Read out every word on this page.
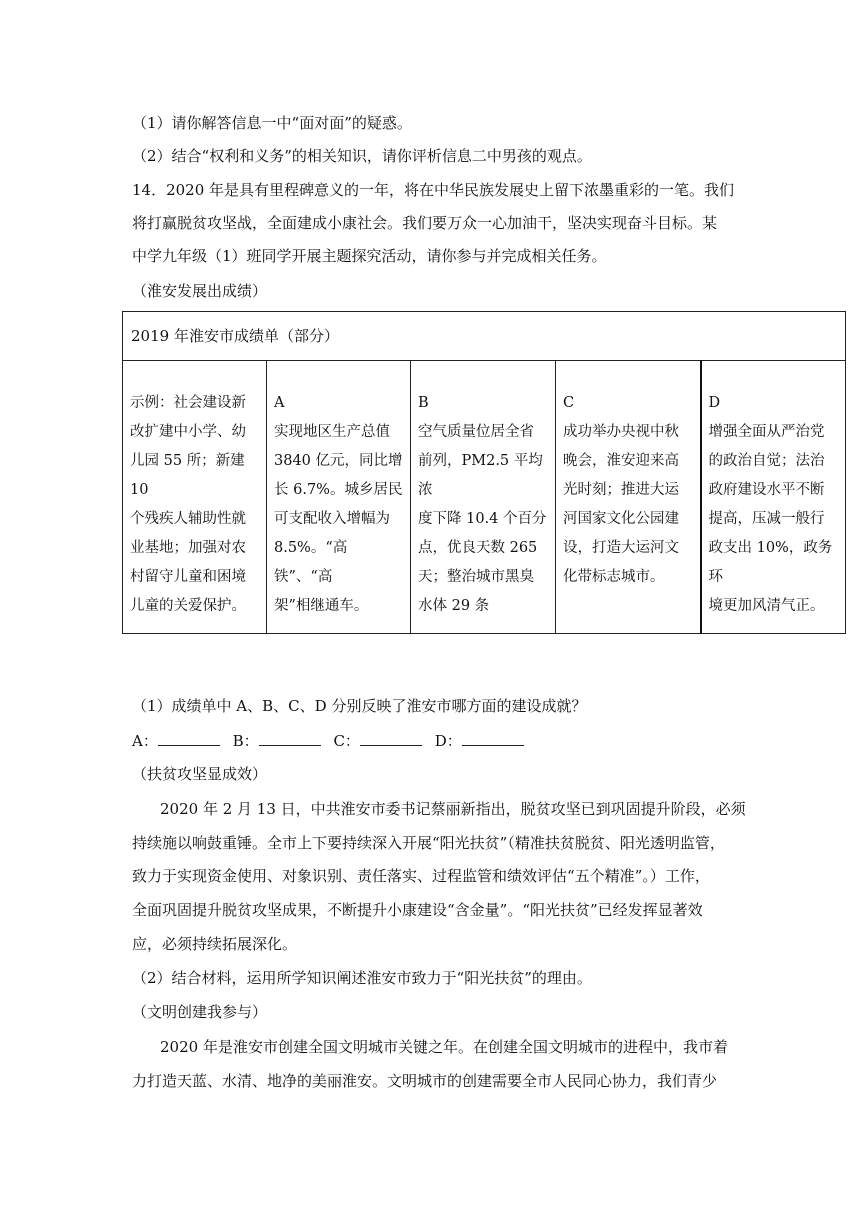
（1）请你解答信息一中“面对面”的疑惑。
（2）结合“权利和义务”的相关知识，请你评析信息二中男孩的观点。
14．2020 年是具有里程碑意义的一年，将在中华民族发展史上留下浓墨重彩的一笔。我们
将打赢脱贫攻坚战，全面建成小康社会。我们要万众一心加油干，坚决实现奋斗目标。某
中学九年级（1）班同学开展主题探究活动，请你参与并完成相关任务。
（淮安发展出成绩）
2019 年淮安市成绩单（部分）

示例：社会建设新
改扩建中小学、幼
儿园 55 所；新建 10
个残疾人辅助性就
业基地；加强对农
村留守儿童和困境
儿童的关爱保护。

A
实现地区生产总值
3840 亿元，同比增
长 6.7%。城乡居民
可支配收入增幅为
8.5%。“高铁”、“高
架”相继通车。

B
空气质量位居全省
前列，PM2.5 平均浓
度下降 10.4 个百分
点，优良天数 265
天；整治城市黑臭
水体 29 条

C
成功举办央视中秋
晚会，淮安迎来高
光时刻；推进大运
河国家文化公园建
设，打造大运河文
化带标志城市。

D
增强全面从严治党
的政治自觉；法治
政府建设水平不断
提高，压减一般行
政支出 10%，政务环
境更加风清气正。
（1）成绩单中 A、B、C、D 分别反映了淮安市哪方面的建设成就？
A：	B：	C：	D：
（扶贫攻坚显成效）
2020 年 2 月 13 日，中共淮安市委书记蔡丽新指出，脱贫攻坚已到巩固提升阶段，必须
持续施以响鼓重锤。全市上下要持续深入开展“阳光扶贫”（精准扶贫脱贫、阳光透明监管，
致力于实现资金使用、对象识别、责任落实、过程监管和绩效评估“五个精准”。）工作，
全面巩固提升脱贫攻坚成果，不断提升小康建设“含金量”。“阳光扶贫”已经发挥显著效
应，必须持续拓展深化。
（2）结合材料，运用所学知识阐述淮安市致力于“阳光扶贫”的理由。
（文明创建我参与）
2020 年是淮安市创建全国文明城市关键之年。在创建全国文明城市的进程中，我市着
力打造天蓝、水清、地净的美丽淮安。文明城市的创建需要全市人民同心协力，我们青少
